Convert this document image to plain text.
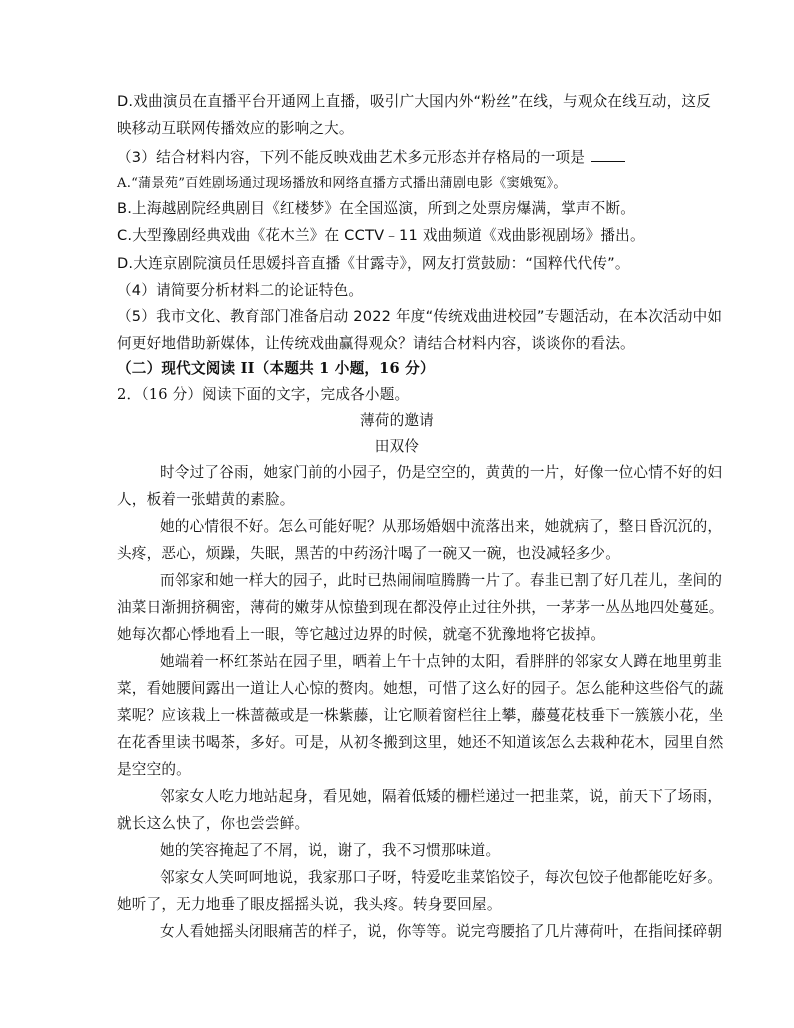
D.戏曲演员在直播平台开通网上直播，吸引广大国内外“粉丝”在线，与观众在线互动，这反
映移动互联网传播效应的影响之大。
（3）结合材料内容，下列不能反映戏曲艺术多元形态并存格局的一项是
A.“蒲景苑”百姓剧场通过现场播放和网络直播方式播出蒲剧电影《窦娥冤》。
B.上海越剧院经典剧目《红楼梦》在全国巡演，所到之处票房爆满，掌声不断。
C.大型豫剧经典戏曲《花木兰》在 CCTV﹣11 戏曲频道《戏曲影视剧场》播出。
D.大连京剧院演员任思媛抖音直播《甘露寺》，网友打赏鼓励：“国粹代代传”。
（4）请简要分析材料二的论证特色。
（5）我市文化、教育部门准备启动 2022 年度“传统戏曲进校园”专题活动，在本次活动中如
何更好地借助新媒体，让传统戏曲赢得观众？请结合材料内容，谈谈你的看法。
（二）现代文阅读 II（本题共 1 小题，16 分）
2．（16 分）阅读下面的文字，完成各小题。
薄荷的邀请
田双伶
时令过了谷雨，她家门前的小园子，仍是空空的，黄黄的一片，好像一位心情不好的妇
人，板着一张蜡黄的素脸。
她的心情很不好。怎么可能好呢？从那场婚姻中流落出来，她就病了，整日昏沉沉的，
头疼，恶心，烦躁，失眠，黑苦的中药汤汁喝了一碗又一碗，也没减轻多少。
而邻家和她一样大的园子，此时已热闹闹喧腾腾一片了。春韭已割了好几茬儿，垄间的
油菜日渐拥挤稠密，薄荷的嫩芽从惊蛰到现在都没停止过往外拱，一茅茅一丛丛地四处蔓延。
她每次都心悸地看上一眼，等它越过边界的时候，就毫不犹豫地将它拔掉。
她端着一杯红茶站在园子里，晒着上午十点钟的太阳，看胖胖的邻家女人蹲在地里剪韭
菜，看她腰间露出一道让人心惊的赘肉。她想，可惜了这么好的园子。怎么能种这些俗气的蔬
菜呢？应该栽上一株蔷薇或是一株紫藤，让它顺着窗栏往上攀，藤蔓花枝垂下一簇簇小花，坐
在花香里读书喝茶，多好。可是，从初冬搬到这里，她还不知道该怎么去栽种花木，园里自然
是空空的。
邻家女人吃力地站起身，看见她，隔着低矮的栅栏递过一把韭菜，说，前天下了场雨，
就长这么快了，你也尝尝鲜。
她的笑容掩起了不屑，说，谢了，我不习惯那味道。
邻家女人笑呵呵地说，我家那口子呀，特爱吃韭菜馅饺子，每次包饺子他都能吃好多。
她听了，无力地垂了眼皮摇摇头说，我头疼。转身要回屋。
女人看她摇头闭眼痛苦的样子，说，你等等。说完弯腰掐了几片薄荷叶，在指间揉碎朝
